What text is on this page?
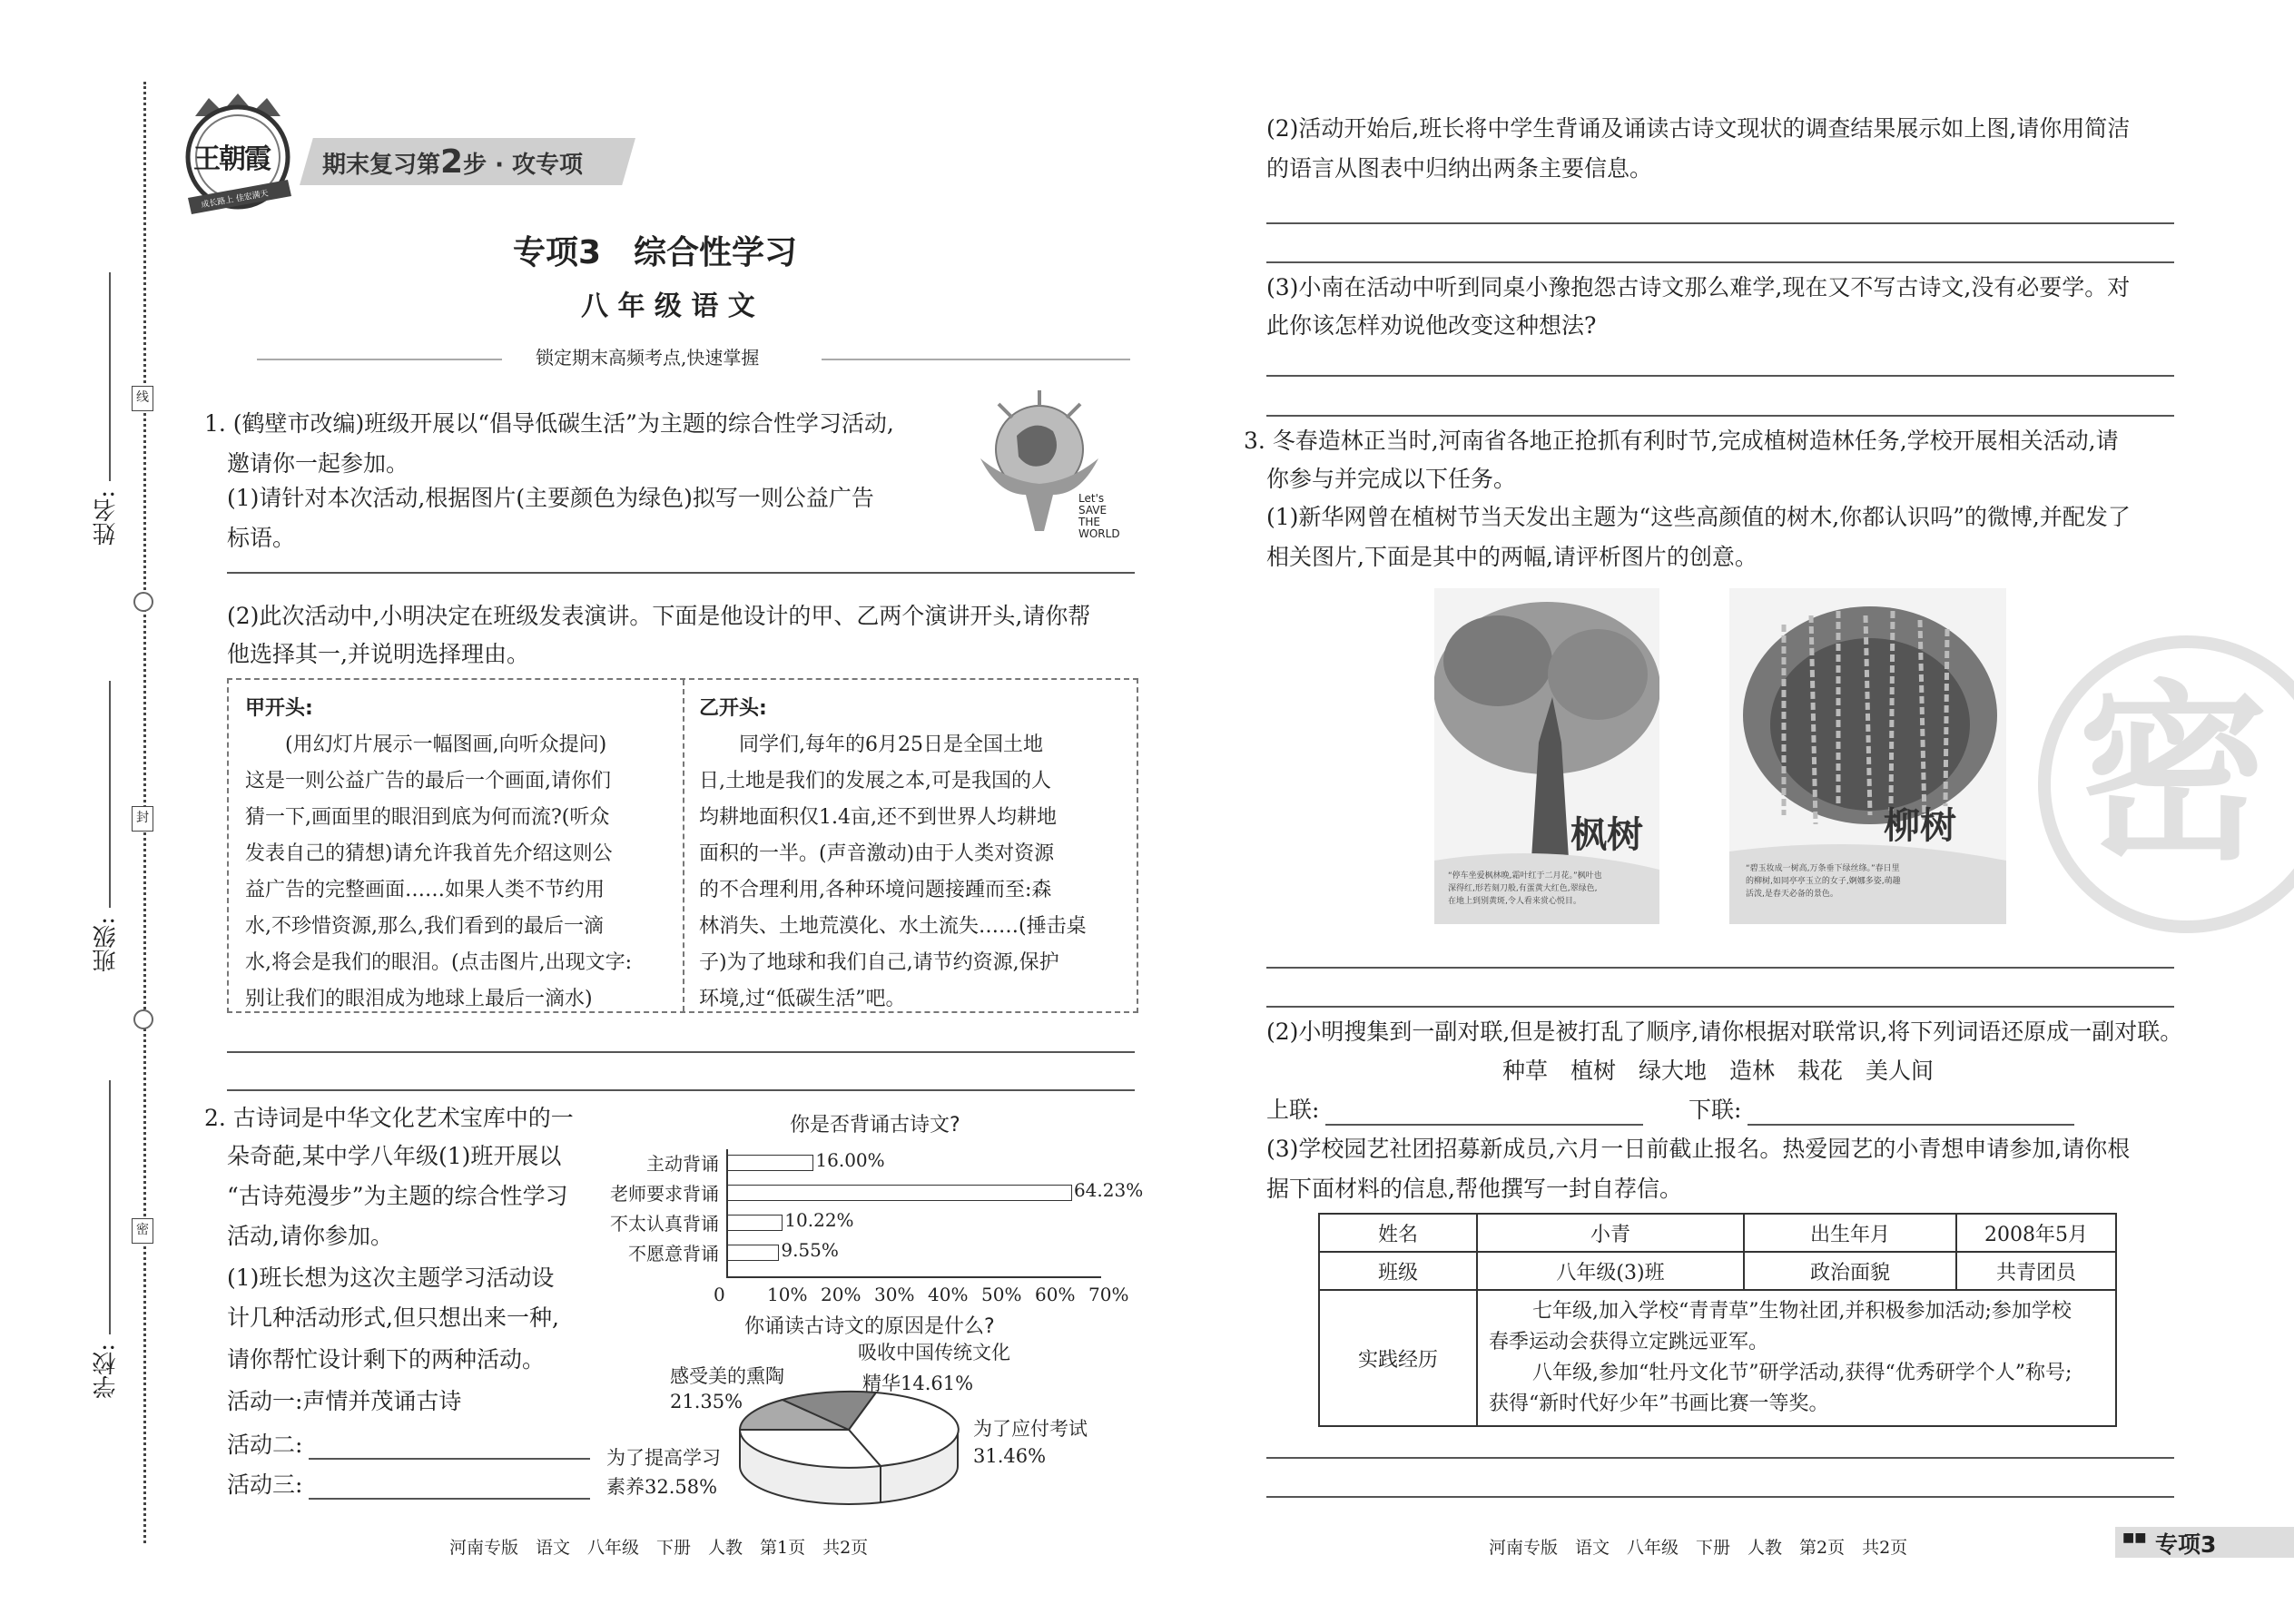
姓名:
班级:
学校:
线
封
密
王朝霞
成长路上 佳宏满天
期末复习第2步 · 攻专项
专项3　综合性学习
八 年 级 语 文
锁定期末高频考点,快速掌握
1. (鹤壁市改编)班级开展以“倡导低碳生活”为主题的综合性学习活动,
邀请你一起参加。
(1)请针对本次活动,根据图片(主要颜色为绿色)拟写一则公益广告
标语。
Let's SAVE THE WORLD
(2)此次活动中,小明决定在班级发表演讲。下面是他设计的甲、乙两个演讲开头,请你帮
他选择其一,并说明选择理由。
甲开头:
(用幻灯片展示一幅图画,向听众提问)
这是一则公益广告的最后一个画面,请你们
猜一下,画面里的眼泪到底为何而流?(听众
发表自己的猜想)请允许我首先介绍这则公
益广告的完整画面……如果人类不节约用
水,不珍惜资源,那么,我们看到的最后一滴
水,将会是我们的眼泪。(点击图片,出现文字:
别让我们的眼泪成为地球上最后一滴水)
乙开头:
同学们,每年的6月25日是全国土地
日,土地是我们的发展之本,可是我国的人
均耕地面积仅1.4亩,还不到世界人均耕地
面积的一半。(声音激动)由于人类对资源
的不合理利用,各种环境问题接踵而至:森
林消失、土地荒漠化、水土流失……(捶击桌
子)为了地球和我们自己,请节约资源,保护
环境,过“低碳生活”吧。
2. 古诗词是中华文化艺术宝库中的一
朵奇葩,某中学八年级(1)班开展以
“古诗苑漫步”为主题的综合性学习
活动,请你参加。
(1)班长想为这次主题学习活动设
计几种活动形式,但只想出来一种,
请你帮忙设计剩下的两种活动。
活动一:声情并茂诵古诗
活动二:
活动三:
你是否背诵古诗文?
主动背诵	16.00%
老师要求背诵	64.23%
不太认真背诵	10.22%
不愿意背诵	9.55%
0 10% 20% 30% 40% 50% 60% 70%
你诵读古诗文的原因是什么?
感受美的熏陶
21.35%
吸收中国传统文化
精华14.61%
为了应付考试
31.46%
为了提高学习
素养32.58%
河南专版　语文　八年级　下册　人教　第1页　共2页
(2)活动开始后,班长将中学生背诵及诵读古诗文现状的调查结果展示如上图,请你用简洁
的语言从图表中归纳出两条主要信息。
(3)小南在活动中听到同桌小豫抱怨古诗文那么难学,现在又不写古诗文,没有必要学。对
此你该怎样劝说他改变这种想法?
3. 冬春造林正当时,河南省各地正抢抓有利时节,完成植树造林任务,学校开展相关活动,请
你参与并完成以下任务。
(1)新华网曾在植树节当天发出主题为“这些高颜值的树木,你都认识吗”的微博,并配发了
相关图片,下面是其中的两幅,请评析图片的创意。
枫树
“停车坐爱枫林晚,霜叶红于二月花。”枫叶也
深得红,形若刻刀般,有蛋黄大红色,翠绿色,
在地上到别黄斑,令人看来赏心悦目。
柳树
“碧玉妆成一树高,万条垂下绿丝绦。”春日里
的柳树,如同亭亭玉立的女子,婀娜多姿,萌趣
活泼,是春天必备的景色。
(2)小明搜集到一副对联,但是被打乱了顺序,请你根据对联常识,将下列词语还原成一副对联。
种草　植树　绿大地　造林　栽花　美人间
上联:	下联:
(3)学校园艺社团招募新成员,六月一日前截止报名。热爱园艺的小青想申请参加,请你根
据下面材料的信息,帮他撰写一封自荐信。
姓名	小青	出生年月	2008年5月
班级	八年级(3)班	政治面貌	共青团员
实践经历	七年级,加入学校“青青草”生物社团,并积极参加活动;参加学校
春季运动会获得立定跳远亚军。
八年级,参加“牡丹文化节”研学活动,获得“优秀研学个人”称号;
获得“新时代好少年”书画比赛一等奖。		
河南专版　语文　八年级　下册　人教　第2页　共2页	■■ 专项3
密
